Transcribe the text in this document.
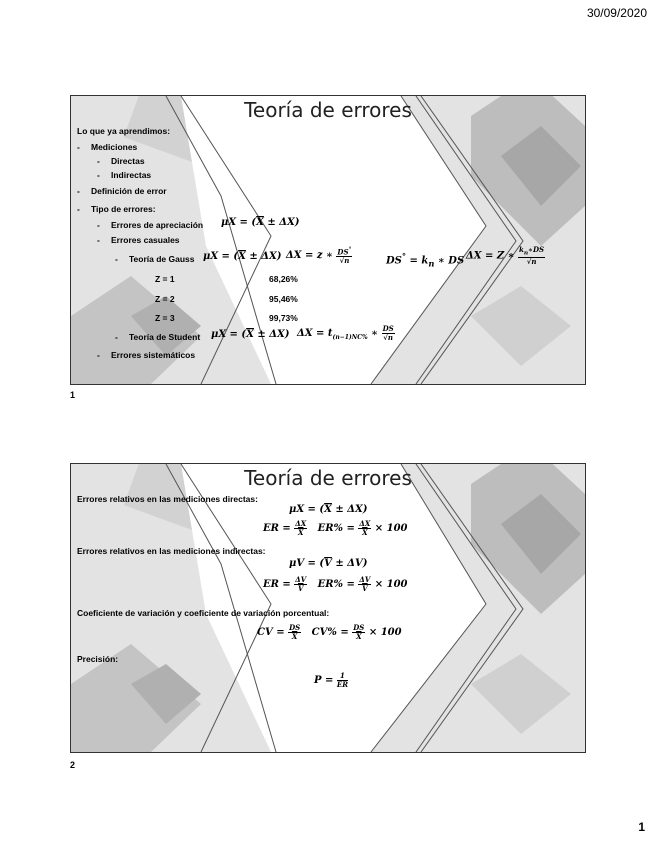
30/09/2020
Teoría de errores
Lo que ya aprendimos:
- Mediciones
- Directas
- Indirectas
- Definición de error
- Tipo de errores:
- Errores de apreciación $\mu X = (\overline{X} \pm \Delta X)$
- Errores casuales
- Teoría de Gauss $\mu X = (\overline{X} \pm \Delta X) \Delta X = z$ ∗ $\frac{DS^\circ}{√n}$	$DS^\circ = k_n$ ∗ DS ΔX = Z ∗ $\frac{k_n∗DS}{√n}$
Z = 1	68,26%
Z = 2	95,46%
Z = 3	99,73%
- Teoría de Student $\mu X = (\overline{X} \pm \Delta X) \Delta X = t_{(n-1)NC\%}$ ∗ $\frac{DS}{√n}$
- Errores sistemáticos
1
Teoría de errores
Errores relativos en las mediciones directas:
$\mu X = (\overline{X} \pm \Delta X)$
ER = $\frac{\Delta X}{X} ER\% = \frac{\Delta X}{X} \times 100$
Errores relativos en las mediciones indirectas:
$\mu V = (\overline{V} \pm \Delta V)$
ER = $\frac{\Delta V}{V} ER\% = \frac{\Delta V}{V} \times 100$
Coeficiente de variación y coeficiente de variación porcentual:
CV = $\frac{DS}{X} CV\% = \frac{DS}{X} \times 100$
Precisión:
$P = \frac{1}{ER}$
2
1
